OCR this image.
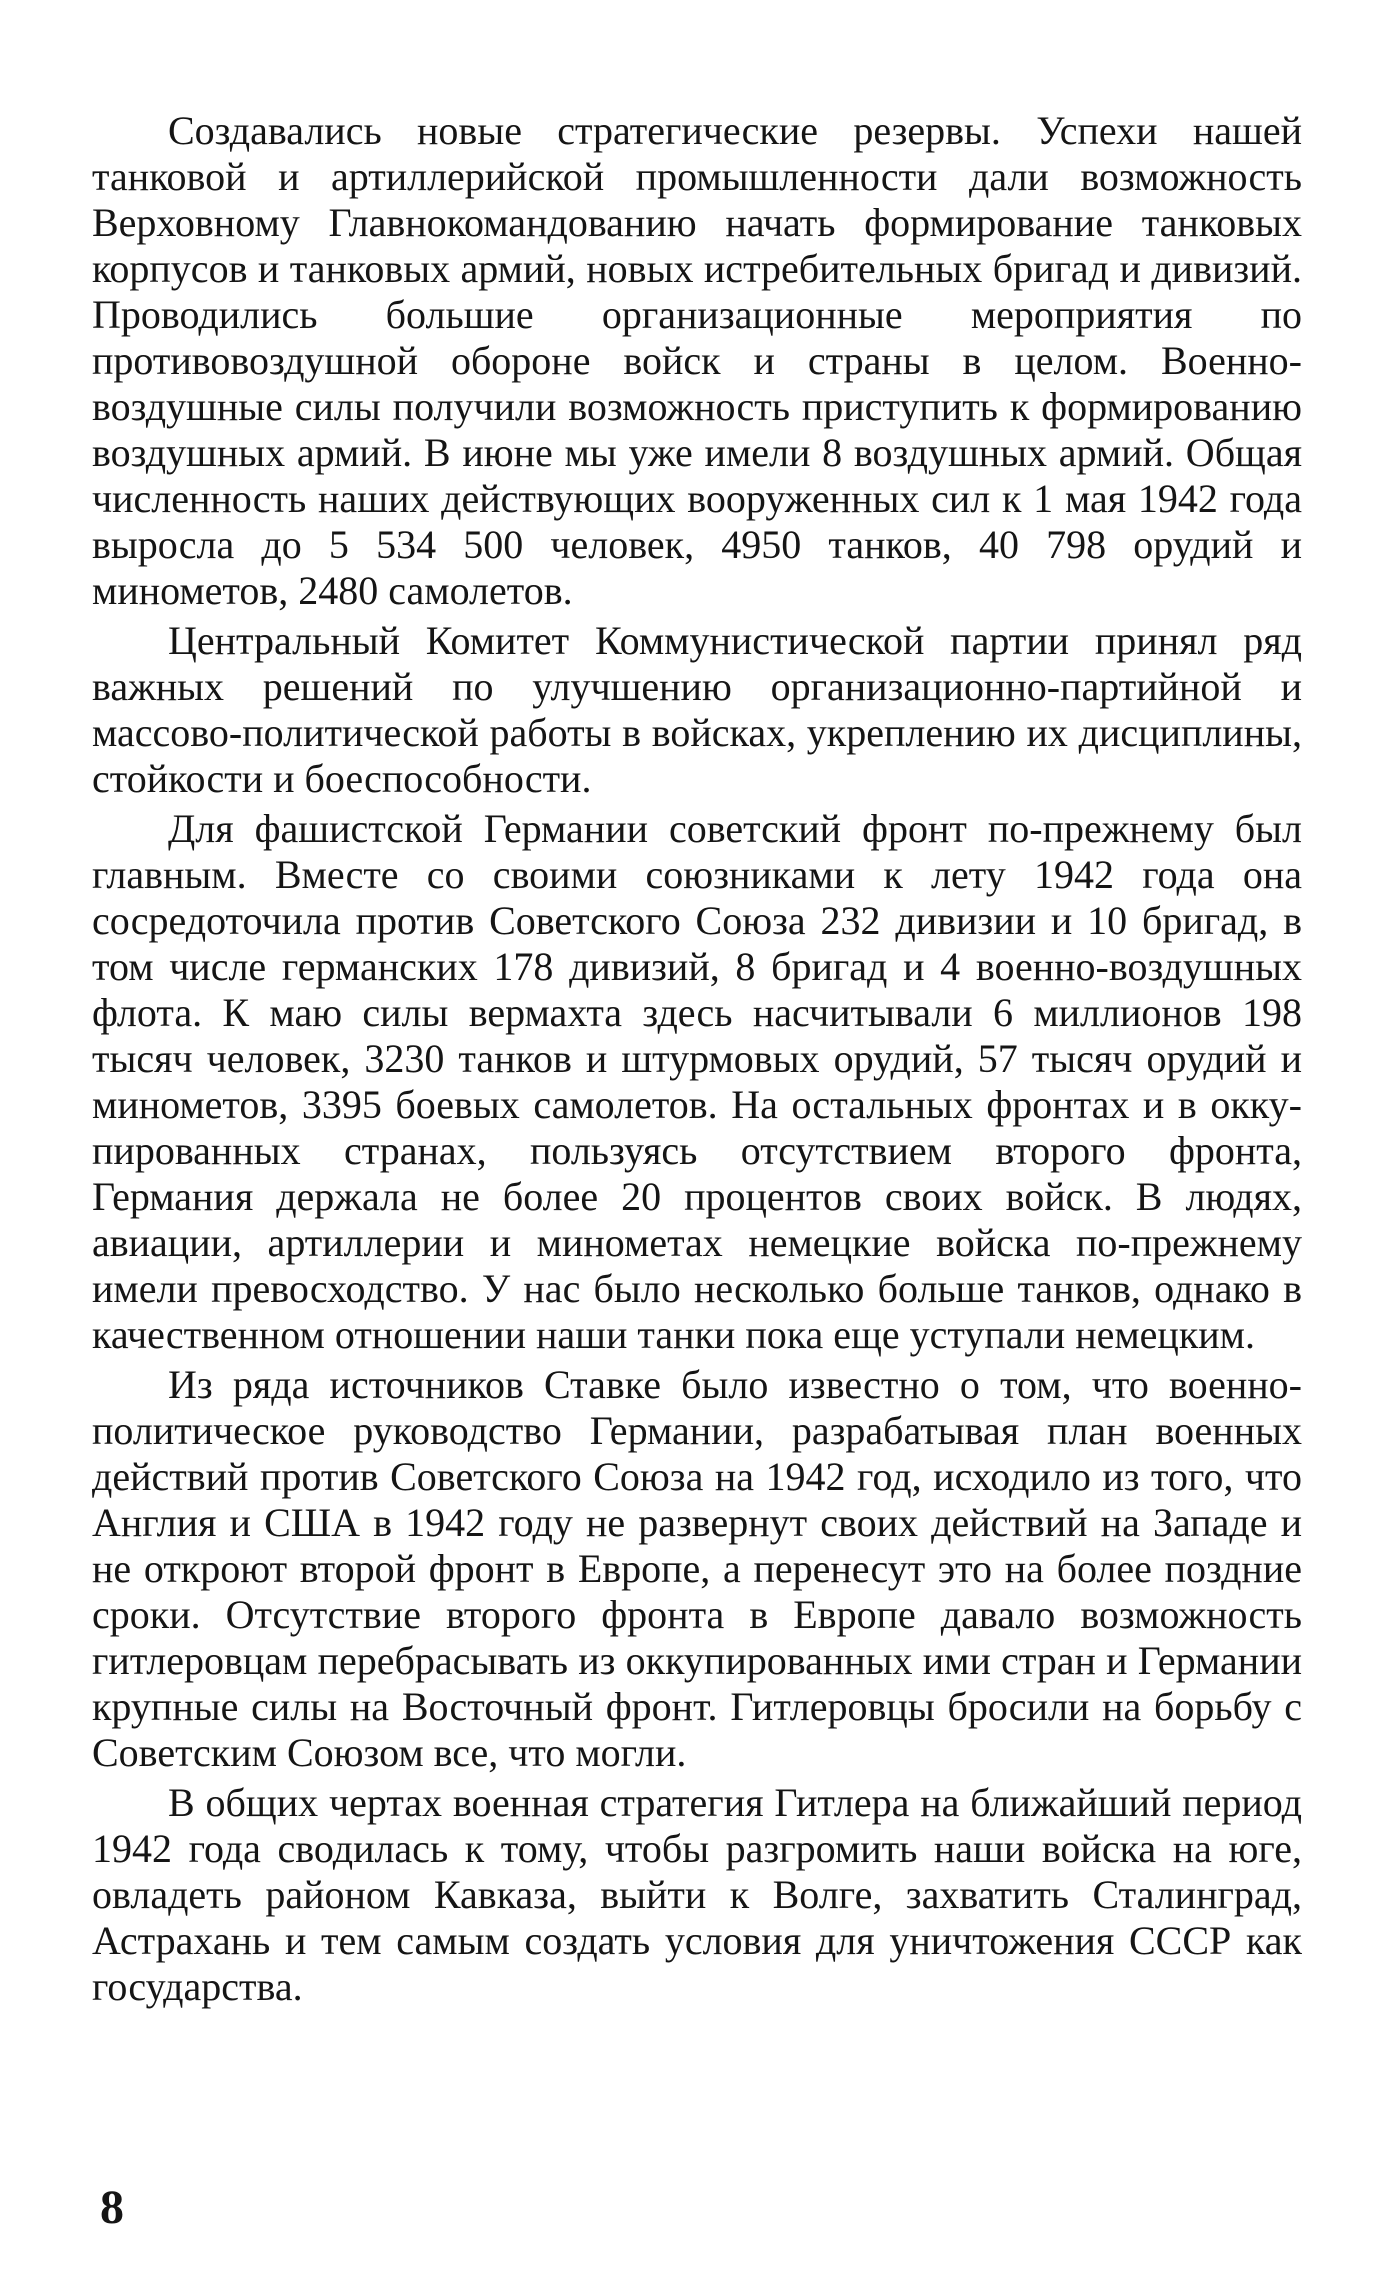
Создавались новые стратегические резервы. Успехи нашей танковой и артиллерийской промышленности дали возможность Верховному Главнокомандованию начать формирование танковых корпусов и танковых армий, новых истребительных бригад и дивизий. Проводились большие организационные мероприятия по противовоздушной обороне войск и страны в целом. Военно-воздушные силы получили возможность приступить к формированию воздушных армий. В июне мы уже имели 8 воздушных армий. Общая численность наших действующих вооруженных сил к 1 мая 1942 года выросла до 5 534 500 человек, 4950 танков, 40 798 орудий и минометов, 2480 самолетов.

Центральный Комитет Коммунистической партии принял ряд важных решений по улучшению организационно-партийной и массово-политической работы в войсках, укреплению их дисциплины, стойкости и боеспособности.

Для фашистской Германии советский фронт по-прежнему был главным. Вместе со своими союзниками к лету 1942 года она сосредоточила против Советского Союза 232 дивизии и 10 бригад, в том числе германских 178 дивизий, 8 бригад и 4 военно-воздушных флота. К маю силы вермахта здесь насчитывали 6 миллионов 198 тысяч человек, 3230 танков и штурмовых орудий, 57 тысяч орудий и минометов, 3395 боевых самолетов. На остальных фронтах и в оккупированных странах, пользуясь отсутствием второго фронта, Германия держала не более 20 процентов своих войск. В людях, авиации, артиллерии и минометах немецкие войска по-прежнему имели превосходство. У нас было несколько больше танков, однако в качественном отношении наши танки пока еще уступали немецким.

Из ряда источников Ставке было известно о том, что военно-политическое руководство Германии, разрабатывая план военных действий против Советского Союза на 1942 год, исходило из того, что Англия и США в 1942 году не развернут своих действий на Западе и не откроют второй фронт в Европе, а перенесут это на более поздние сроки. Отсутствие второго фронта в Европе давало возможность гитлеровцам перебрасывать из оккупированных ими стран и Германии крупные силы на Восточный фронт. Гитлеровцы бросили на борьбу с Советским Союзом все, что могли.

В общих чертах военная стратегия Гитлера на ближайший период 1942 года сводилась к тому, чтобы разгромить наши войска на юге, овладеть районом Кавказа, выйти к Волге, захватить Сталинград, Астрахань и тем самым создать условия для уничтожения СССР как государства.

8
